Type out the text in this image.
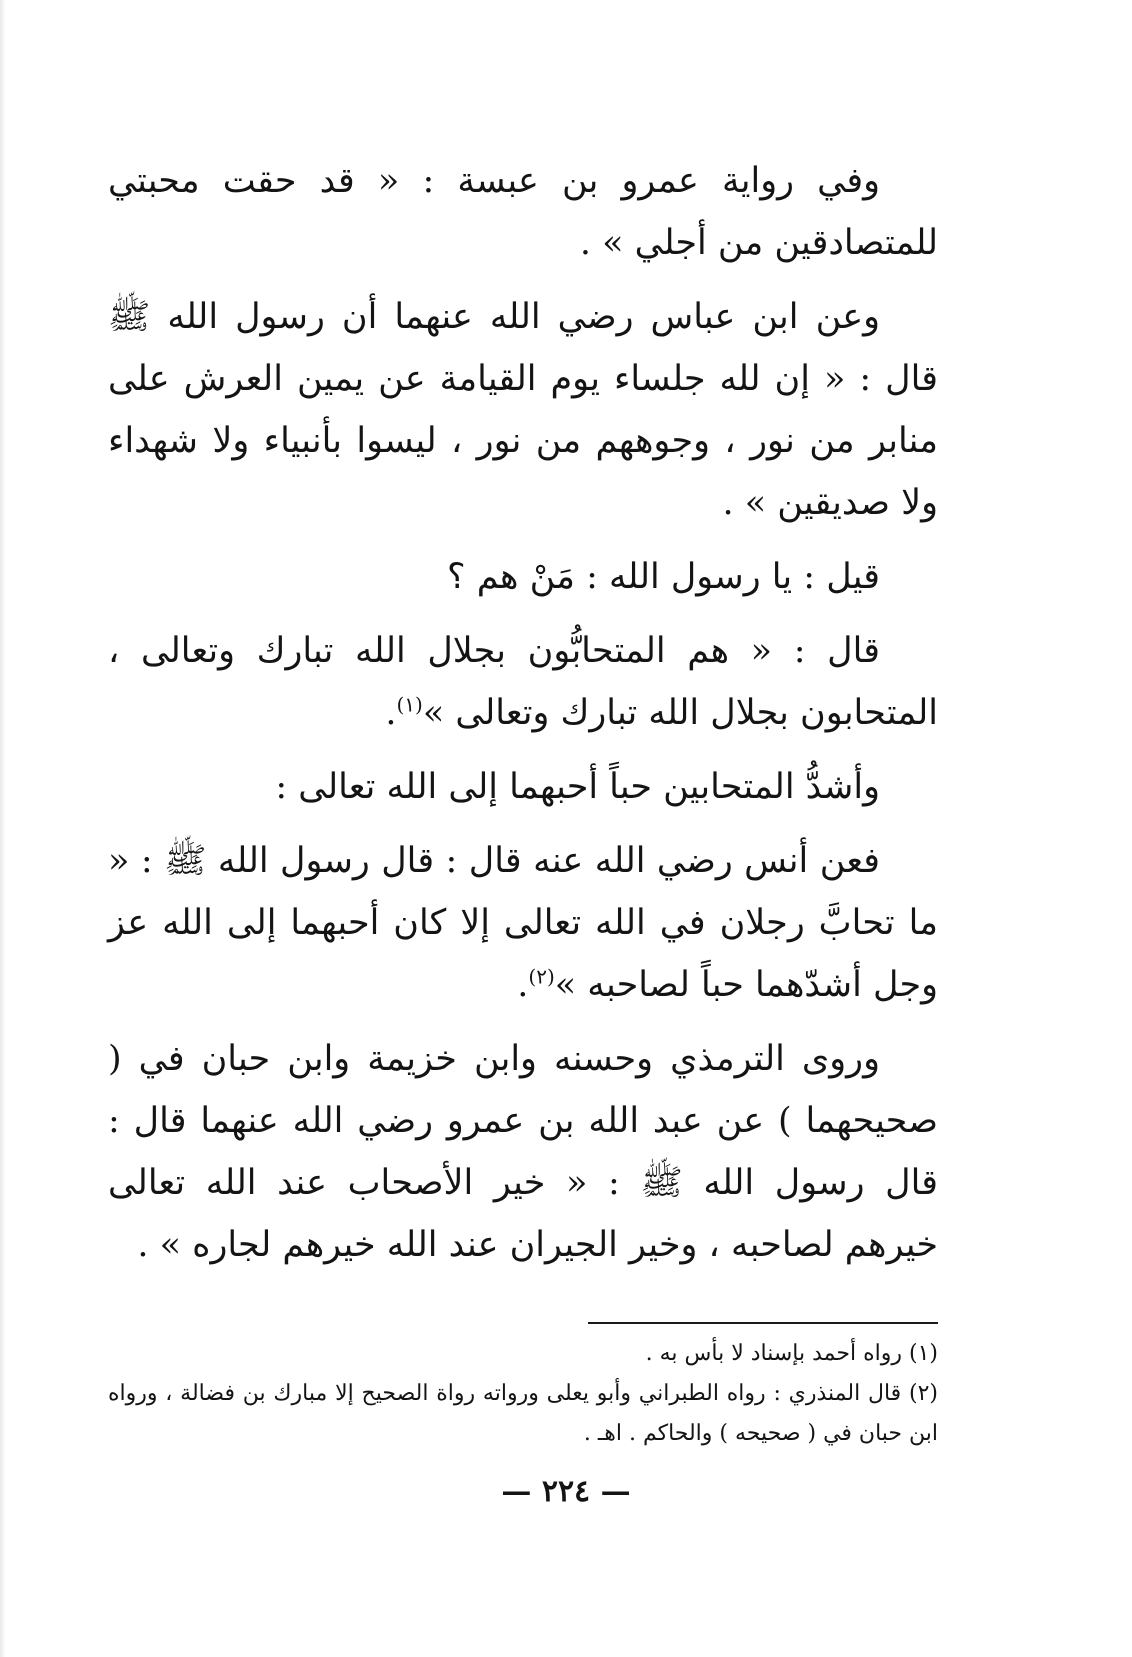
وفي رواية عمرو بن عبسة : « قد حقت محبتي للمتصادقين من أجلي » .

وعن ابن عباس رضي الله عنهما أن رسول الله ﷺ قال : « إن لله جلساء يوم القيامة عن يمين العرش على منابر من نور ، وجوههم من نور ، ليسوا بأنبياء ولا شهداء ولا صديقين » .

قيل : يا رسول الله : مَنْ هم ؟

قال : « هم المتحابُّون بجلال الله تبارك وتعالى ، المتحابون بجلال الله تبارك وتعالى »$^{(١)}$.

وأشدُّ المتحابين حباً أحبهما إلى الله تعالى :

فعن أنس رضي الله عنه قال : قال رسول الله ﷺ : « ما تحابَّ رجلان في الله تعالى إلا كان أحبهما إلى الله عز وجل أشدّهما حباً لصاحبه »$^{(٢)}$.

وروى الترمذي وحسنه وابن خزيمة وابن حبان في ( صحيحهما ) عن عبد الله بن عمرو رضي الله عنهما قال : قال رسول الله ﷺ : « خير الأصحاب عند الله تعالى خيرهم لصاحبه ، وخير الجيران عند الله خيرهم لجاره » .

(١) رواه أحمد بإسناد لا بأس به .

(٢) قال المنذري : رواه الطبراني وأبو يعلى ورواته رواة الصحيح إلا مبارك بن فضالة ، ورواه ابن حبان في ( صحيحه ) والحاكم . اهـ .

— ٢٢٤ —
